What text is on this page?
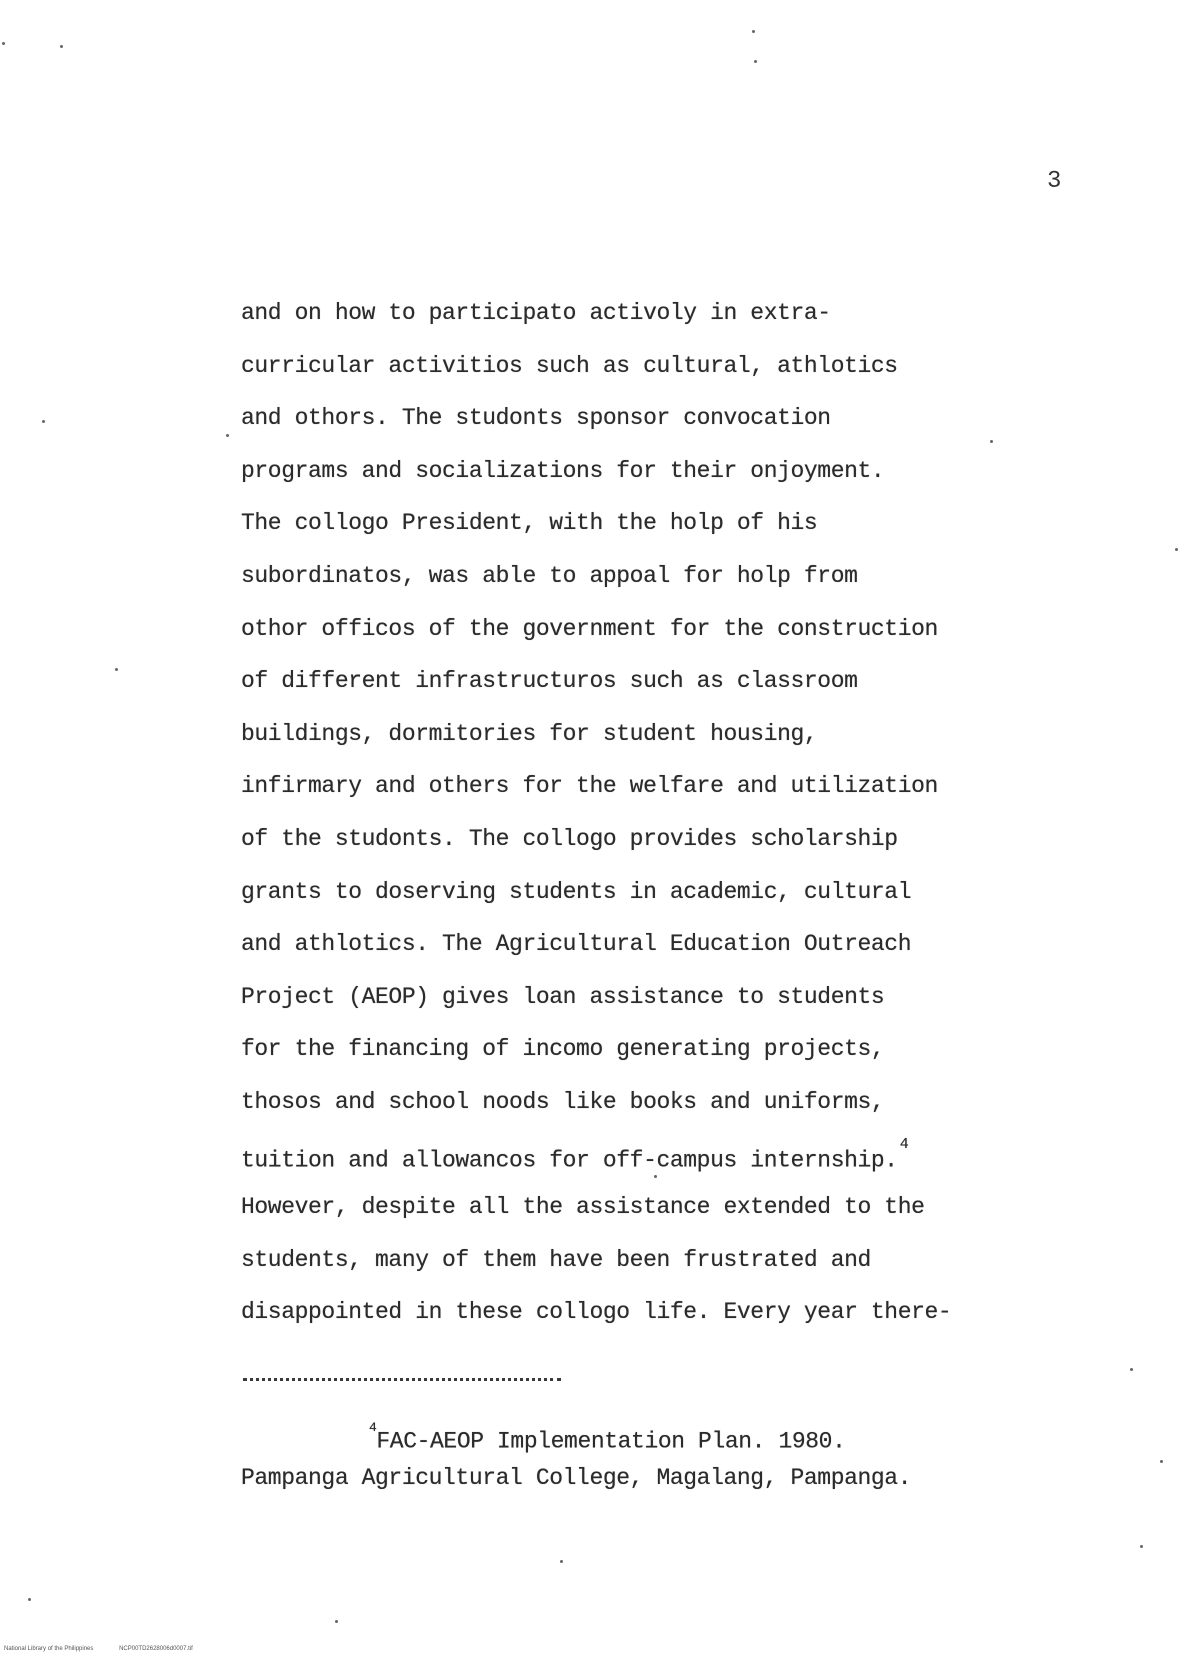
3
and on how to participato activoly in extra-
curricular activitios such as cultural, athlotics
and othors. The studonts sponsor convocation
programs and socializations for their onjoyment.
The collogo President, with the holp of his
subordinatos, was able to appoal for holp from
othor officos of the government for the construction
of different infrastructuros such as classroom
buildings, dormitories for student housing,
infirmary and others for the welfare and utilization
of the studonts. The collogo provides scholarship
grants to doserving students in academic, cultural
and athlotics. The Agricultural Education Outreach
Project (AEOP) gives loan assistance to students
for the financing of incomo generating projects,
thosos and school noods like books and uniforms,
tuition and allowancos for off-campus internship.$^4$
However, despite all the assistance extended to the
students, many of them have been frustrated and
disappointed in these collogo life. Every year there-
$^4$FAC-AEOP Implementation Plan. 1980.
Pampanga Agricultural College, Magalang, Pampanga.
National Library of the Philippines	NCP00TD2628006d0007.tif
